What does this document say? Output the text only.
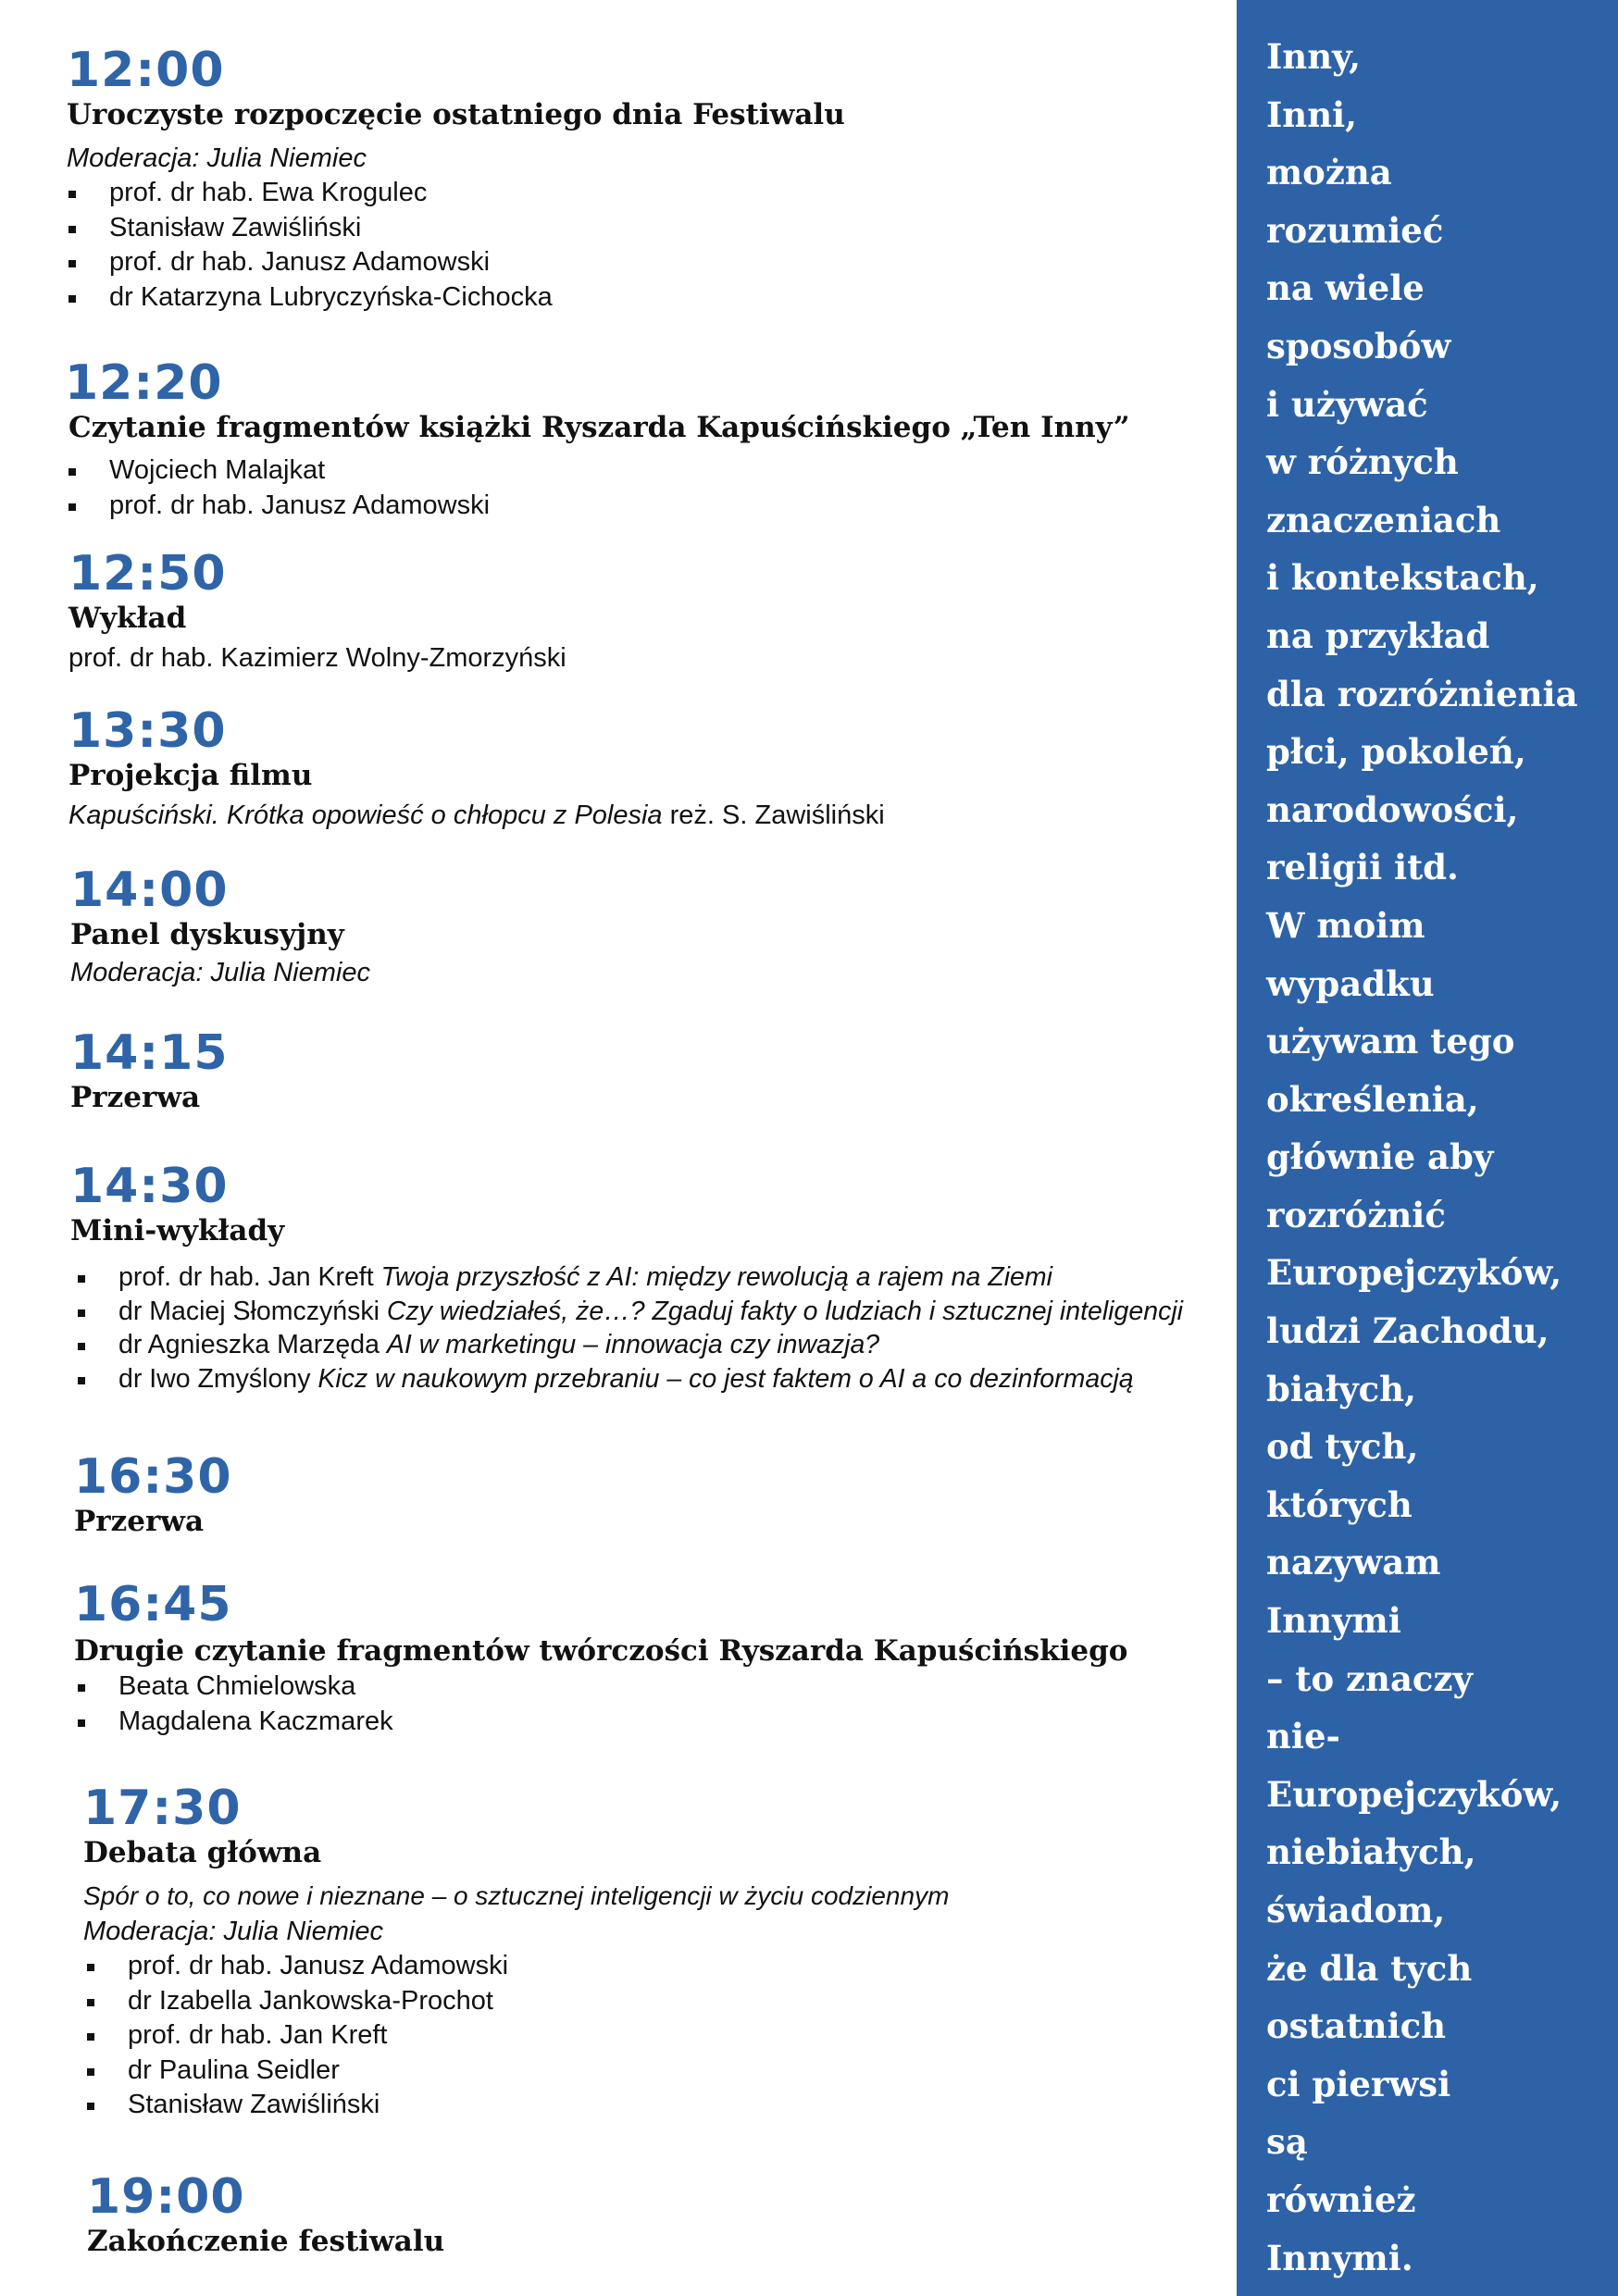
12:00
Uroczyste rozpoczęcie ostatniego dnia Festiwalu
Moderacja: Julia Niemiec
prof. dr hab. Ewa Krogulec
Stanisław Zawiśliński
prof. dr hab. Janusz Adamowski
dr Katarzyna Lubryczyńska-Cichocka
12:20
Czytanie fragmentów książki Ryszarda Kapuścińskiego „Ten Inny”
Wojciech Malajkat
prof. dr hab. Janusz Adamowski
12:50
Wykład
prof. dr hab. Kazimierz Wolny-Zmorzyński
13:30
Projekcja filmu
Kapuściński. Krótka opowieść o chłopcu z Polesia reż. S. Zawiśliński
14:00
Panel dyskusyjny
Moderacja: Julia Niemiec
14:15
Przerwa
14:30
Mini-wykłady
prof. dr hab. Jan Kreft Twoja przyszłość z AI: między rewolucją a rajem na Ziemi
dr Maciej Słomczyński Czy wiedziałeś, że…? Zgaduj fakty o ludziach i sztucznej inteligencji
dr Agnieszka Marzęda AI w marketingu – innowacja czy inwazja?
dr Iwo Zmyślony Kicz w naukowym przebraniu – co jest faktem o AI a co dezinformacją
16:30
Przerwa
16:45
Drugie czytanie fragmentów twórczości Ryszarda Kapuścińskiego
Beata Chmielowska
Magdalena Kaczmarek
17:30
Debata główna
Spór o to, co nowe i nieznane – o sztucznej inteligencji w życiu codziennym
Moderacja: Julia Niemiec
prof. dr hab. Janusz Adamowski
dr Izabella Jankowska-Prochot
prof. dr hab. Jan Kreft
dr Paulina Seidler
Stanisław Zawiśliński
19:00
Zakończenie festiwalu
Inny,
Inni,
można
rozumieć
na wiele
sposobów
i używać
w różnych
znaczeniach
i kontekstach,
na przykład
dla rozróżnienia
płci, pokoleń,
narodowości,
religii itd.
W moim
wypadku
używam tego
określenia,
głównie aby
rozróżnić
Europejczyków,
ludzi Zachodu,
białych,
od tych,
których
nazywam
Innymi
– to znaczy
nie-
Europejczyków,
niebiałych,
świadom,
że dla tych
ostatnich
ci pierwsi
są
również
Innymi.
